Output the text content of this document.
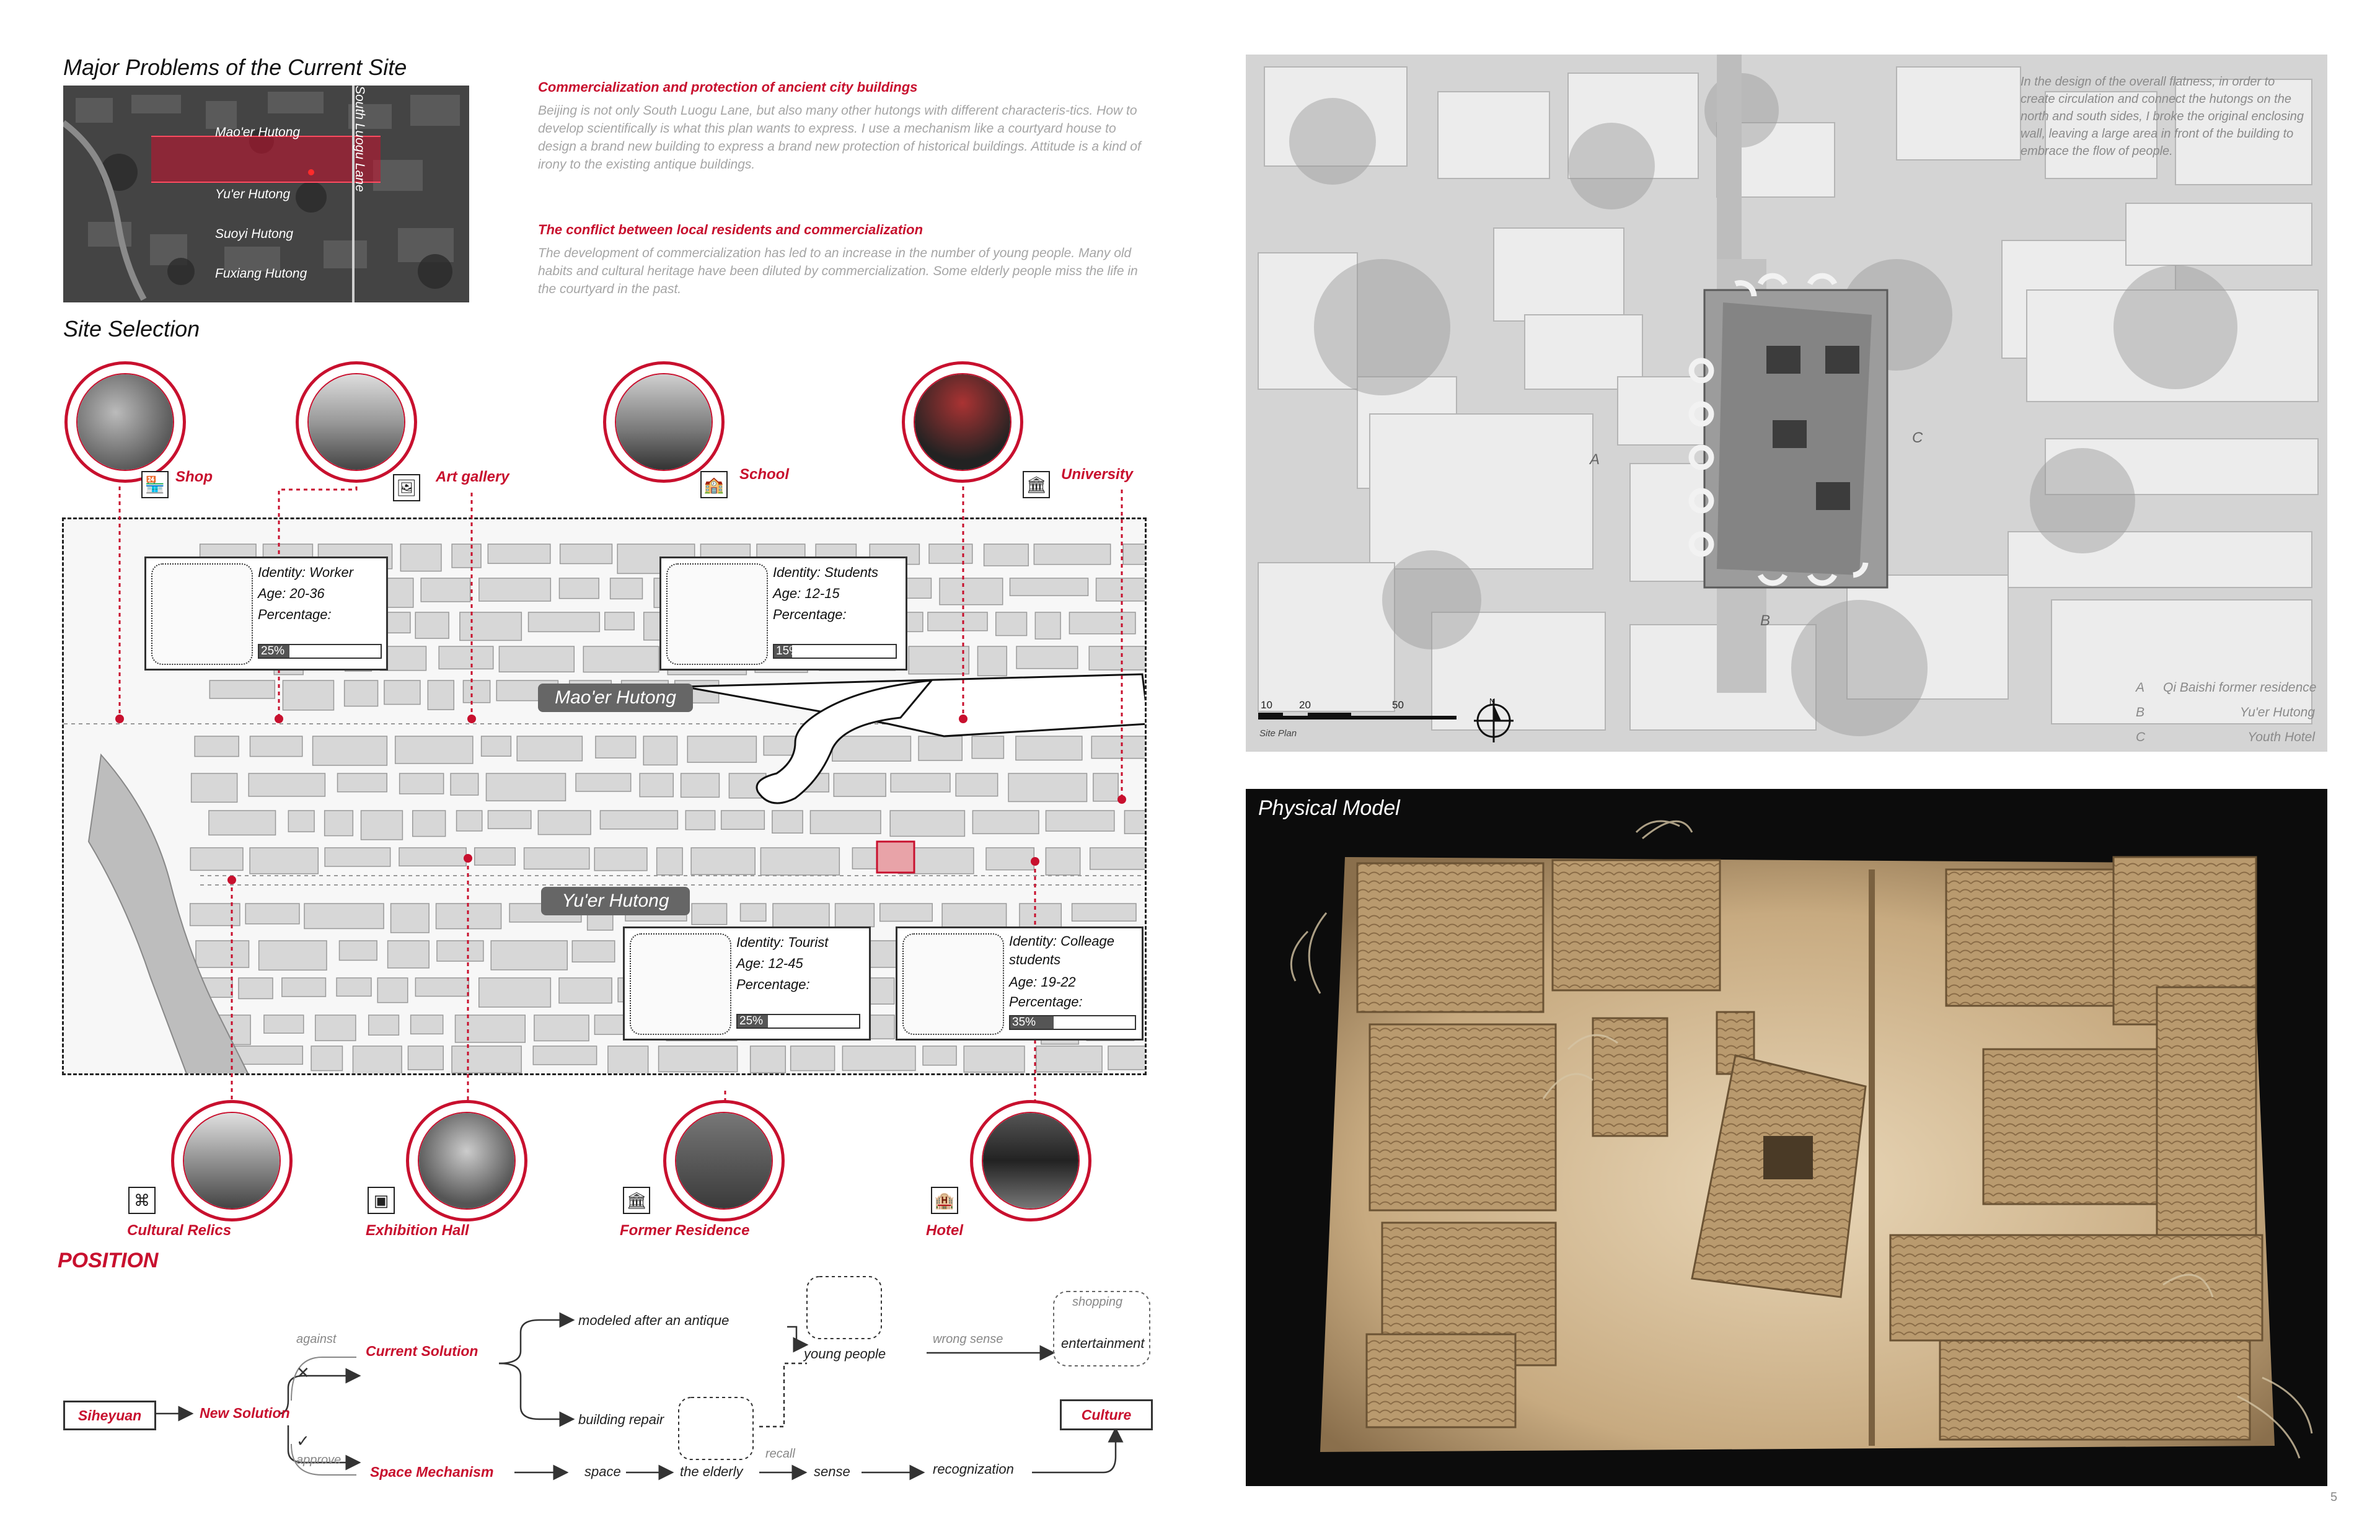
Major Problems of the Current Site
Mao'er Hutong
Yu'er Hutong
Suoyi Hutong
Fuxiang Hutong
South Luogu Lane	Commercialization and protection of ancient city buildings
Beijing is not only South Luogu Lane, but also many other hutongs with different characteris-tics. How to develop scientifically is what this plan wants to express. I use a mechanism like a courtyard house to design a brand new building to express a brand new protection of historical buildings. Attitude is a kind of irony to the existing antique buildings.
The conflict between local residents and commercialization
The development of commercialization has led to an increase in the number of young people. Many old habits and cultural heritage have been diluted by commercialization. Some elderly people miss the life in the courtyard in the past.
Site Selection
🏪 Shop
🖼
Art gallery	🏫
School
🏛
University
Mao'er Hutong
Yu'er Hutong
Identity: Worker
Age: 20-36
Percentage:
25%
Identity: Students
Age: 12-15
Percentage:
15%
Identity: Tourist
Age: 12-45
Percentage:
25%
Identity: Colleage students
Age: 19-22
Percentage:
35%
⌘
Cultural Relics
▣
Exhibition Hall
🏛
Former Residence
🏨
Hotel
POSITION
Siheyuan	New Solution
against
✕
✓
approve
Current Solution
modeled after an antique
building repair
young people
wrong sense
shopping
entertainment
Culture
Space Mechanism	space	the elderly
recall
sense	recognization
In the design of the overall flatness, in order to create circulation and connect the hutongs on the north and south sides, I broke the original enclosing wall, leaving a large area in front of the building to embrace the flow of people.
10	20	50
Site Plan
N
A
B
C
A Qi Baishi former residence
B	Yu'er Hutong
C	Youth Hotel
Physical Model
5
